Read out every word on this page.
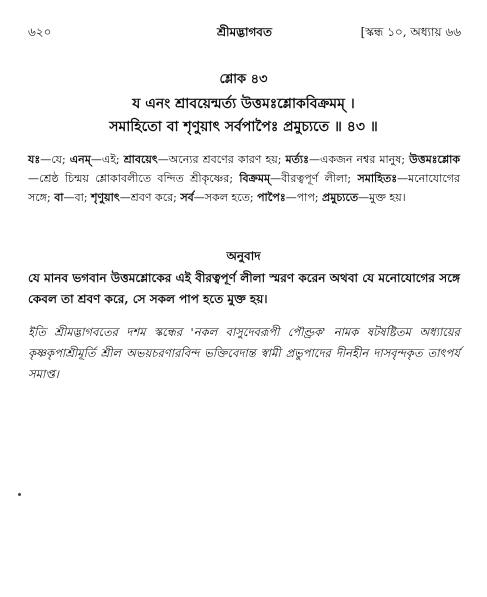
৬২০	শ্রীমদ্ভাগবত	[স্কন্ধ ১০, অধ্যায় ৬৬
শ্লোক ৪৩
য এনং শ্রাবয়েন্মর্ত্য উত্তমঃশ্লোকবিক্রমম্ ।
সমাহিতো বা শৃণুয়াৎ সর্বপাপৈঃ প্রমুচ্যতে ॥ ৪৩ ॥
যঃ—যে; এনম্—এই; শ্রাবয়েৎ—অন্যের শ্রবণের কারণ হয়; মর্ত্যঃ—একজন নশ্বর মানুষ; উত্তমঃশ্লোক—শ্রেষ্ঠ চিন্ময় শ্লোকাবলীতে বন্দিত শ্রীকৃষ্ণের; বিক্রমম্—বীরত্বপূর্ণ লীলা; সমাহিতঃ—মনোযোগের সঙ্গে; বা—বা; শৃণুয়াৎ—শ্রবণ করে; সর্ব—সকল হতে; পাপৈঃ—পাপ; প্রমুচ্যতে—মুক্ত হয়।
অনুবাদ
যে মানব ভগবান উত্তমশ্লোকের এই বীরত্বপূর্ণ লীলা স্মরণ করেন অথবা যে মনোযোগের সঙ্গে কেবল তা শ্রবণ করে, সে সকল পাপ হতে মুক্ত হয়।
ইতি শ্রীমদ্ভাগবতের দশম স্কন্ধের 'নকল বাসুদেবরূপী পৌণ্ড্রক' নামক ষটষষ্টিতম অধ্যায়ের কৃষ্ণকৃপাশ্রীমূর্তি শ্রীল অভয়চরণারবিন্দ ভক্তিবেদান্ত স্বামী প্রভুপাদের দীনহীন দাসবৃন্দকৃত তাৎপর্য সমাপ্ত।
